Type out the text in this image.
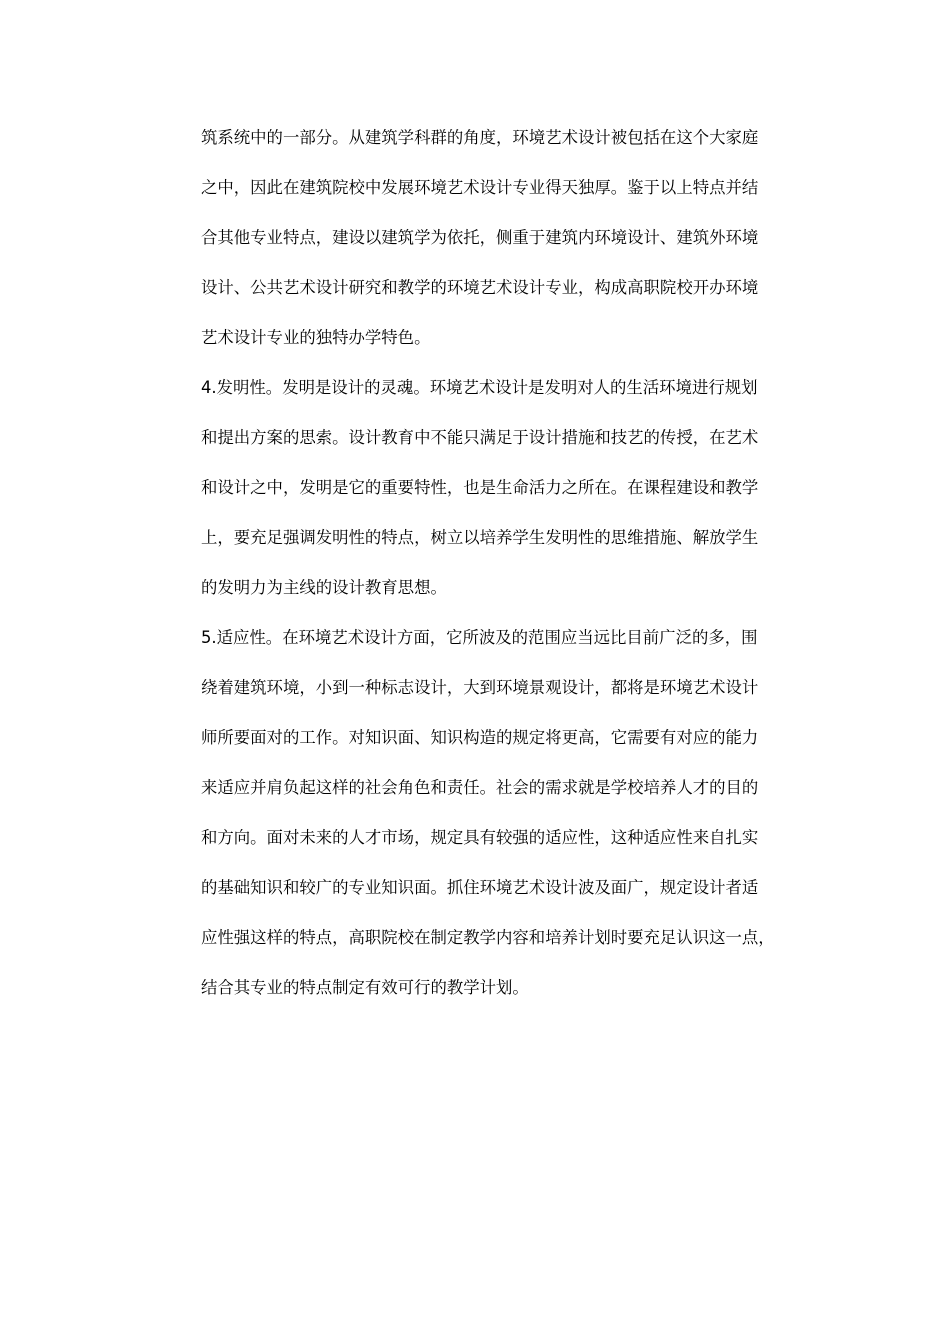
筑系统中的一部分。从建筑学科群的角度，环境艺术设计被包括在这个大家庭
之中，因此在建筑院校中发展环境艺术设计专业得天独厚。鉴于以上特点并结
合其他专业特点，建设以建筑学为依托，侧重于建筑内环境设计、建筑外环境
设计、公共艺术设计研究和教学的环境艺术设计专业，构成高职院校开办环境
艺术设计专业的独特办学特色。
4.发明性。发明是设计的灵魂。环境艺术设计是发明对人的生活环境进行规划
和提出方案的思索。设计教育中不能只满足于设计措施和技艺的传授，在艺术
和设计之中，发明是它的重要特性，也是生命活力之所在。在课程建设和教学
上，要充足强调发明性的特点，树立以培养学生发明性的思维措施、解放学生
的发明力为主线的设计教育思想。
5.适应性。在环境艺术设计方面，它所波及的范围应当远比目前广泛的多，围
绕着建筑环境，小到一种标志设计，大到环境景观设计，都将是环境艺术设计
师所要面对的工作。对知识面、知识构造的规定将更高，它需要有对应的能力
来适应并肩负起这样的社会角色和责任。社会的需求就是学校培养人才的目的
和方向。面对未来的人才市场，规定具有较强的适应性，这种适应性来自扎实
的基础知识和较广的专业知识面。抓住环境艺术设计波及面广，规定设计者适
应性强这样的特点，高职院校在制定教学内容和培养计划时要充足认识这一点，
结合其专业的特点制定有效可行的教学计划。
